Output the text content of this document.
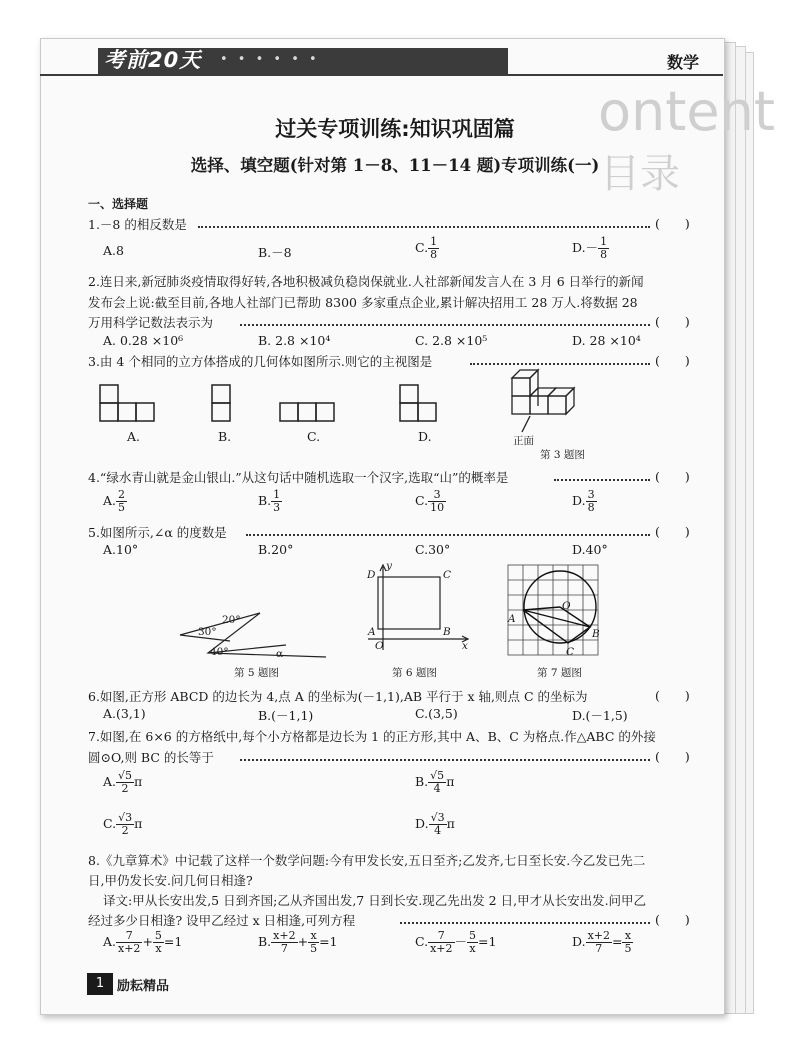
ontent
目录
考前20天 • • • • • •	数学
过关专项训练:知识巩固篇
选择、填空题(针对第 1－8、11－14 题)专项训练(一)
一、选择题
1.－8 的相反数是	(　　)
A.8	B.－8	C. $\frac{1}{8}$	$D.- \frac{1}{8}$
2.连日来,新冠肺炎疫情取得好转,各地积极减负稳岗保就业.人社部新闻发言人在 3 月 6 日举行的新闻
发布会上说:截至目前,各地人社部门已帮助 8300 多家重点企业,累计解决招用工 28 万人.将数据 28
万用科学记数法表示为	(　　)
A. 0.28 ×10⁶	B. 2.8 ×10⁴	C. 2.8 ×10⁵	D. 28 ×10⁴
3.由 4 个相同的立方体搭成的几何体如图所示.则它的主视图是	(　　)
A.	B.	C.	D.	正面
第 3 题图
4.“绿水青山就是金山银山.”从这句话中随机选取一个汉字,选取“山”的概率是	(　　)
A. $\frac{2}{5}$	B. $\frac{1}{3}$	C. $\frac{3}{10}$	D. $\frac{3}{8}$
5.如图所示,∠α 的度数是	(　　)
A.10°	B.20°	C.30°	D.40°
30°
20°
40°	α
第 5 题图
D	C
y
A	B
O	x
第 6 题图
O
A
B
C
第 7 题图
6.如图,正方形 ABCD 的边长为 4,点 A 的坐标为(－1,1),AB 平行于 x 轴,则点 C 的坐标为	(　　)
A.(3,1)	B.(－1,1)	C.(3,5)	D.(－1,5)
7.如图,在 6×6 的方格纸中,每个小方格都是边长为 1 的正方形,其中 A、B、C 为格点.作△ABC 的外接
圆⊙O,则 BC 的长等于	(　　)
A. $\frac{√5}{2}$ π	B. $\frac{√5}{4}$ π
C. $\frac{√3}{2}$ π	D. $\frac{√3}{4}$ π
8.《九章算术》中记载了这样一个数学问题:今有甲发长安,五日至齐;乙发齐,七日至长安.今乙发已先二
日,甲仍发长安.问几何日相逢?
译文:甲从长安出发,5 日到齐国;乙从齐国出发,7 日到长安.现乙先出发 2 日,甲才从长安出发.问甲乙
经过多少日相逢? 设甲乙经过 x 日相逢,可列方程	(　　)
A. $\frac{7}{x+2} + \frac{5}{x} =1$	B. $\frac{x+2}{7} + \frac{x}{5} =1$	C. $\frac{7}{x+2} - \frac{5}{x} =1$	D. $\frac{x+2}{7} = \frac{x}{5}$
1 励耘精品
